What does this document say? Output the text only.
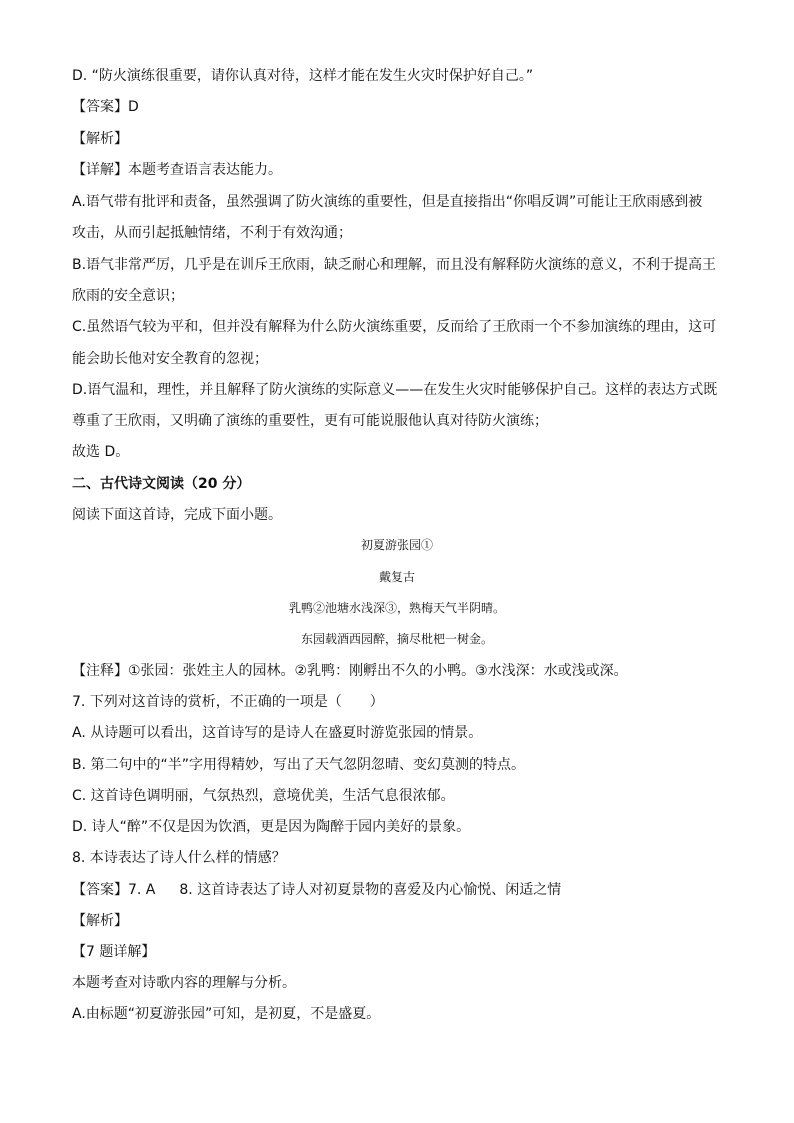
D. “防火演练很重要，请你认真对待，这样才能在发生火灾时保护好自己。”
【答案】D
【解析】
【详解】本题考查语言表达能力。
A.语气带有批评和责备，虽然强调了防火演练的重要性，但是直接指出“你唱反调”可能让王欣雨感到被
攻击，从而引起抵触情绪，不利于有效沟通；
B.语气非常严厉，几乎是在训斥王欣雨，缺乏耐心和理解，而且没有解释防火演练的意义，不利于提高王
欣雨的安全意识；
C.虽然语气较为平和，但并没有解释为什么防火演练重要，反而给了王欣雨一个不参加演练的理由，这可
能会助长他对安全教育的忽视；
D.语气温和，理性，并且解释了防火演练的实际意义——在发生火灾时能够保护自己。这样的表达方式既
尊重了王欣雨，又明确了演练的重要性，更有可能说服他认真对待防火演练；
故选 D。
二、古代诗文阅读（20 分）
阅读下面这首诗，完成下面小题。
初夏游张园①
戴复古
乳鸭②池塘水浅深③，熟梅天气半阴晴。
东园载酒西园醉，摘尽枇杷一树金。
【注释】①张园：张姓主人的园林。②乳鸭：刚孵出不久的小鸭。③水浅深：水或浅或深。
7. 下列对这首诗的赏析，不正确的一项是（　　）
A. 从诗题可以看出，这首诗写的是诗人在盛夏时游览张园的情景。
B. 第二句中的“半”字用得精妙，写出了天气忽阴忽晴、变幻莫测的特点。
C. 这首诗色调明丽，气氛热烈，意境优美，生活气息很浓郁。
D. 诗人“醉”不仅是因为饮酒，更是因为陶醉于园内美好的景象。
8. 本诗表达了诗人什么样的情感？
【答案】7. A 8. 这首诗表达了诗人对初夏景物的喜爱及内心愉悦、闲适之情
【解析】
【7 题详解】
本题考查对诗歌内容的理解与分析。
A.由标题“初夏游张园”可知，是初夏，不是盛夏。
